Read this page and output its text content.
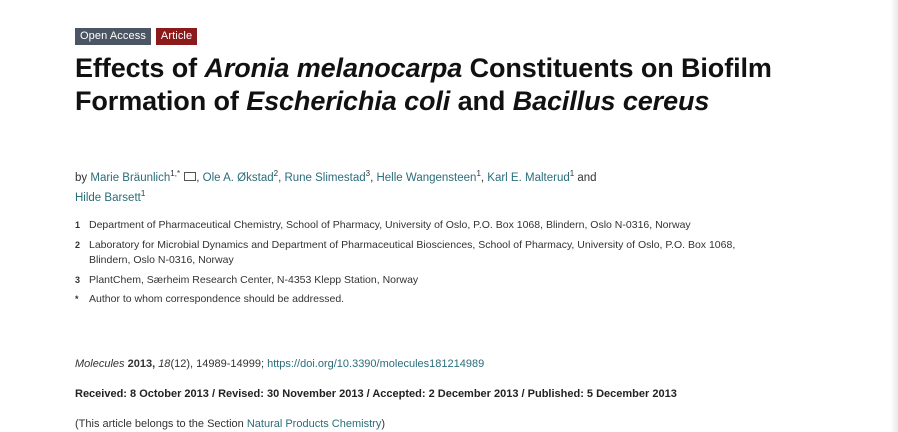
Open Access	Article
Effects of Aronia melanocarpa Constituents on Biofilm Formation of Escherichia coli and Bacillus cereus
by Marie Bräunlich$^{1,*}$ , Ole A. Økstad$^2$, Rune Slimestad$^3$, Helle Wangensteen$^1$, Karl E. Malterud$^1$ and
Hilde Barsett$^1$
1 Department of Pharmaceutical Chemistry, School of Pharmacy, University of Oslo, P.O. Box 1068, Blindern, Oslo N-0316, Norway
2 Laboratory for Microbial Dynamics and Department of Pharmaceutical Biosciences, School of Pharmacy, University of Oslo, P.O. Box 1068, Blindern, Oslo N-0316, Norway
3 PlantChem, Særheim Research Center, N-4353 Klepp Station, Norway
* Author to whom correspondence should be addressed.
Molecules 2013, 18(12), 14989-14999; https://doi.org/10.3390/molecules181214989
Received: 8 October 2013 / Revised: 30 November 2013 / Accepted: 2 December 2013 / Published: 5 December 2013
(This article belongs to the Section Natural Products Chemistry)
